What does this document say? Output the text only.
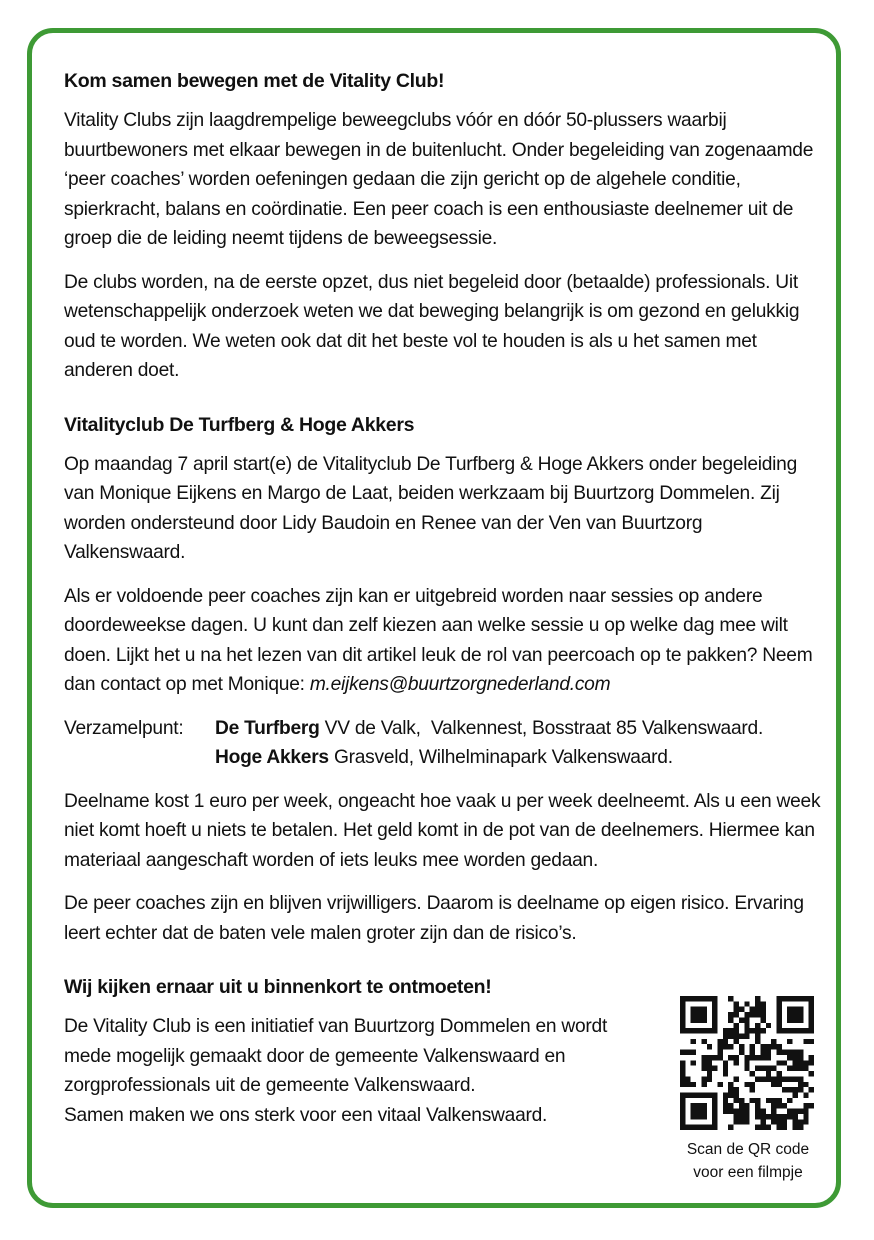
Kom samen bewegen met de Vitality Club!

Vitality Clubs zijn laagdrempelige beweegclubs vóór en dóór 50-plussers waarbij buurtbewoners met elkaar bewegen in de buitenlucht. Onder begeleiding van zogenaamde ‘peer coaches’ worden oefeningen gedaan die zijn gericht op de algehele conditie, spierkracht, balans en coördinatie. Een peer coach is een enthousiaste deelnemer uit de groep die de leiding neemt tijdens de beweegsessie.

De clubs worden, na de eerste opzet, dus niet begeleid door (betaalde) professionals. Uit wetenschappelijk onderzoek weten we dat beweging belangrijk is om gezond en gelukkig oud te worden. We weten ook dat dit het beste vol te houden is als u het samen met anderen doet.

Vitalityclub De Turfberg & Hoge Akkers

Op maandag 7 april start(e) de Vitalityclub De Turfberg & Hoge Akkers onder begeleiding van Monique Eijkens en Margo de Laat, beiden werkzaam bij Buurtzorg Dommelen. Zij worden ondersteund door Lidy Baudoin en Renee van der Ven van Buurtzorg Valkenswaard.

Als er voldoende peer coaches zijn kan er uitgebreid worden naar sessies op andere doordeweekse dagen. U kunt dan zelf kiezen aan welke sessie u op welke dag mee wilt doen. Lijkt het u na het lezen van dit artikel leuk de rol van peercoach op te pakken? Neem dan contact op met Monique: m.eijkens@buurtzorgnederland.com

Verzamelpunt:	De Turfberg VV de Valk,  Valkennest, Bosstraat 85 Valkenswaard.
Hoge Akkers Grasveld, Wilhelminapark Valkenswaard.

Deelname kost 1 euro per week, ongeacht hoe vaak u per week deelneemt. Als u een week niet komt hoeft u niets te betalen. Het geld komt in de pot van de deelnemers. Hiermee kan materiaal aangeschaft worden of iets leuks mee worden gedaan.

De peer coaches zijn en blijven vrijwilligers. Daarom is deelname op eigen risico. Ervaring leert echter dat de baten vele malen groter zijn dan de risico’s.

Wij kijken ernaar uit u binnenkort te ontmoeten!

De Vitality Club is een initiatief van Buurtzorg Dommelen en wordt mede mogelijk gemaakt door de gemeente Valkenswaard en zorgprofessionals uit de gemeente Valkenswaard.

Samen maken we ons sterk voor een vitaal Valkenswaard.

Scan de QR code
voor een filmpje
